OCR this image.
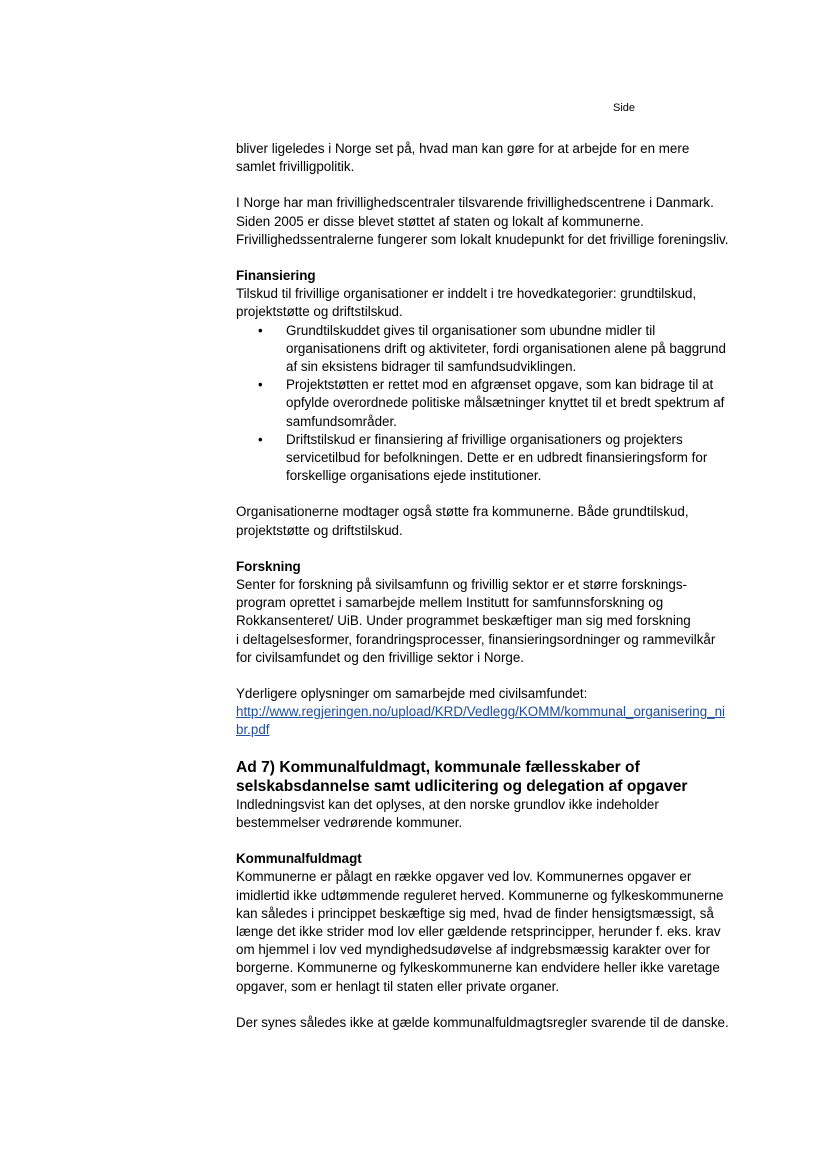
Side

bliver ligeledes i Norge set på, hvad man kan gøre for at arbejde for en mere
samlet frivilligpolitik.

I Norge har man frivillighedscentraler tilsvarende frivillighedscentrene i Danmark.
Siden 2005 er disse blevet støttet af staten og lokalt af kommunerne.
Frivillighedssentralerne fungerer som lokalt knudepunkt for det frivillige foreningsliv.

Finansiering

Tilskud til frivillige organisationer er inddelt i tre hovedkategorier: grundtilskud,
projektstøtte og driftstilskud.

• Grundtilskuddet gives til organisationer som ubundne midler til
organisationens drift og aktiviteter, fordi organisationen alene på baggrund
af sin eksistens bidrager til samfundsudviklingen.
• Projektstøtten er rettet mod en afgrænset opgave, som kan bidrage til at
opfylde overordnede politiske målsætninger knyttet til et bredt spektrum af
samfundsområder.
• Driftstilskud er finansiering af frivillige organisationers og projekters
servicetilbud for befolkningen. Dette er en udbredt finansieringsform for
forskellige organisations ejede institutioner.

Organisationerne modtager også støtte fra kommunerne. Både grundtilskud,
projektstøtte og driftstilskud.

Forskning

Senter for forskning på sivilsamfunn og frivillig sektor er et større forsknings-
program oprettet i samarbejde mellem Institutt for samfunnsforskning og
Rokkansenteret/ UiB. Under programmet beskæftiger man sig med forskning
i deltagelsesformer, forandringsprocesser, finansieringsordninger og rammevilkår
for civilsamfundet og den frivillige sektor i Norge.

Yderligere oplysninger om samarbejde med civilsamfundet:

http://www.regjeringen.no/upload/KRD/Vedlegg/KOMM/kommunal_organisering_ni
br.pdf

Ad 7) Kommunalfuldmagt, kommunale fællesskaber of
selskabsdannelse samt udlicitering og delegation af opgaver

Indledningsvist kan det oplyses, at den norske grundlov ikke indeholder
bestemmelser vedrørende kommuner.

Kommunalfuldmagt

Kommunerne er pålagt en række opgaver ved lov. Kommunernes opgaver er
imidlertid ikke udtømmende reguleret herved. Kommunerne og fylkeskommunerne
kan således i princippet beskæftige sig med, hvad de finder hensigtsmæssigt, så
længe det ikke strider mod lov eller gældende retsprincipper, herunder f. eks. krav
om hjemmel i lov ved myndighedsudøvelse af indgrebsmæssig karakter over for
borgerne. Kommunerne og fylkeskommunerne kan endvidere heller ikke varetage
opgaver, som er henlagt til staten eller private organer.

Der synes således ikke at gælde kommunalfuldmagtsregler svarende til de danske.
